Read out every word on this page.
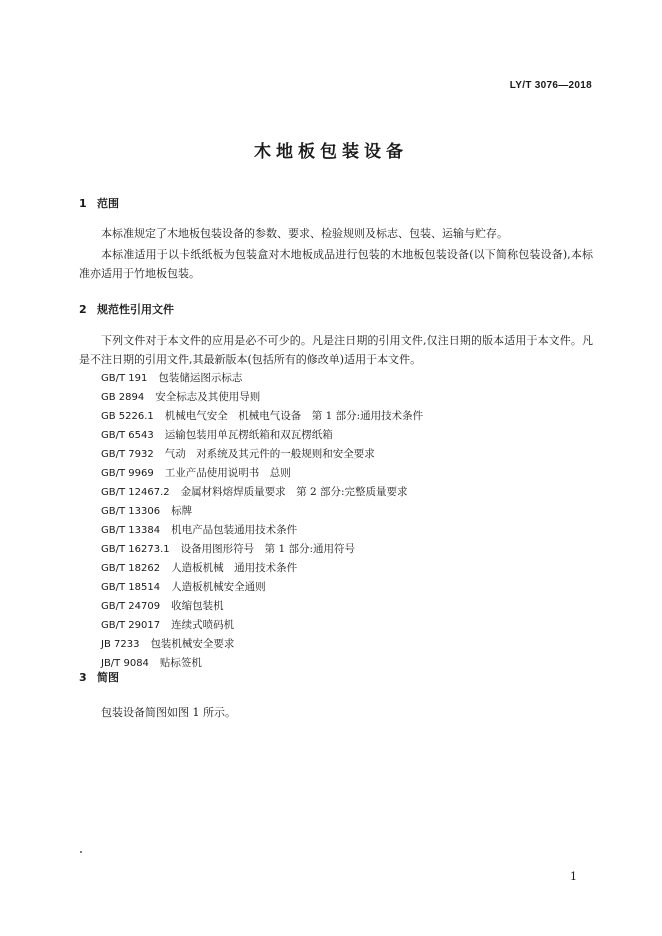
LY/T 3076—2018
木地板包装设备
1 范围
本标准规定了木地板包装设备的参数、要求、检验规则及标志、包装、运输与贮存。
本标准适用于以卡纸纸板为包装盒对木地板成品进行包装的木地板包装设备(以下简称包装设备),本标准亦适用于竹地板包装。
2 规范性引用文件
下列文件对于本文件的应用是必不可少的。凡是注日期的引用文件,仅注日期的版本适用于本文件。凡是不注日期的引用文件,其最新版本(包括所有的修改单)适用于本文件。
GB/T 191 包装储运图示标志
GB 2894 安全标志及其使用导则
GB 5226.1 机械电气安全　机械电气设备　第 1 部分:通用技术条件
GB/T 6543 运输包装用单瓦楞纸箱和双瓦楞纸箱
GB/T 7932 气动　对系统及其元件的一般规则和安全要求
GB/T 9969 工业产品使用说明书　总则
GB/T 12467.2 金属材料熔焊质量要求　第 2 部分:完整质量要求
GB/T 13306 标牌
GB/T 13384 机电产品包装通用技术条件
GB/T 16273.1 设备用图形符号　第 1 部分:通用符号
GB/T 18262 人造板机械　通用技术条件
GB/T 18514 人造板机械安全通则
GB/T 24709 收缩包装机
GB/T 29017 连续式喷码机
JB 7233 包装机械安全要求
JB/T 9084 贴标签机
3 简图
包装设备简图如图 1 所示。
1
